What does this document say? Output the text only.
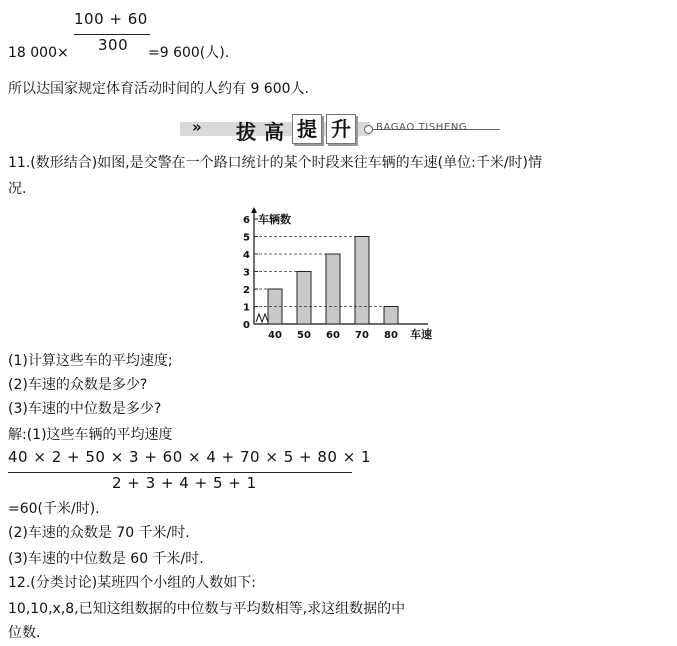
100 + 60
300
18 000×	=9 600(人).
所以达国家规定体育活动时间的人约有 9 600人.
» 拔 高 提 升	BAGAO TISHENG
11.(数形结合)如图,是交警在一个路口统计的某个时段来往车辆的车速(单位:千米/时)情
况.
0
1
2
3
4
5
6 车辆数
40 50 60 70 80 车速
(1)计算这些车的平均速度;
(2)车速的众数是多少?
(3)车速的中位数是多少?
解:(1)这些车辆的平均速度
40 × 2 + 50 × 3 + 60 × 4 + 70 × 5 + 80 × 1
2 + 3 + 4 + 5 + 1
=60(千米/时).
(2)车速的众数是 70 千米/时.
(3)车速的中位数是 60 千米/时.
12.(分类讨论)某班四个小组的人数如下:
10,10,x,8,已知这组数据的中位数与平均数相等,求这组数据的中
位数.
